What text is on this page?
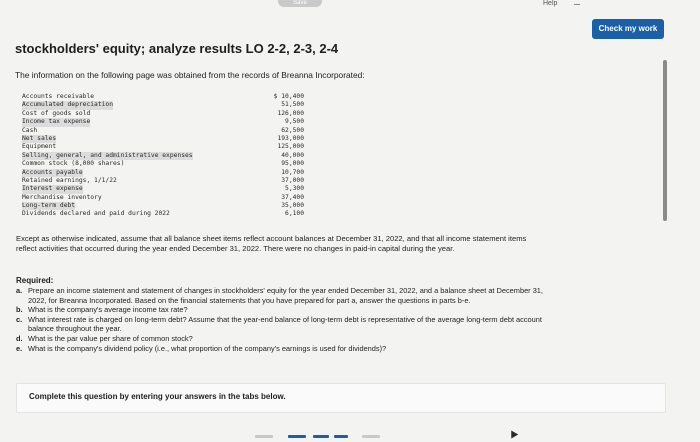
Save	Help
Check my work
stockholders' equity; analyze results LO 2-2, 2-3, 2-4
The information on the following page was obtained from the records of Breanna Incorporated:
Accounts receivable	$ 10,400
Accumulated depreciation	51,500
Cost of goods sold	126,000
Income tax expense	9,500
Cash	62,500
Net sales	193,000
Equipment	125,000
Selling, general, and administrative expenses	40,000
Common stock (8,000 shares)	95,000
Accounts payable	10,700
Retained earnings, 1/1/22	37,000
Interest expense	5,300
Merchandise inventory	37,400
Long-term debt	35,000
Dividends declared and paid during 2022	6,100
Except as otherwise indicated, assume that all balance sheet items reflect account balances at December 31, 2022, and that all income statement items reflect activities that occurred during the year ended December 31, 2022. There were no changes in paid-in capital during the year.
Required:
a. Prepare an income statement and statement of changes in stockholders' equity for the year ended December 31, 2022, and a balance sheet at December 31, 2022, for Breanna Incorporated. Based on the financial statements that you have prepared for part a, answer the questions in parts b-e.
b. What is the company's average income tax rate?
c. What interest rate is charged on long-term debt? Assume that the year-end balance of long-term debt is representative of the average long-term debt account balance throughout the year.
d. What is the par value per share of common stock?
e. What is the company's dividend policy (i.e., what proportion of the company's earnings is used for dividends)?
Complete this question by entering your answers in the tabs below.
